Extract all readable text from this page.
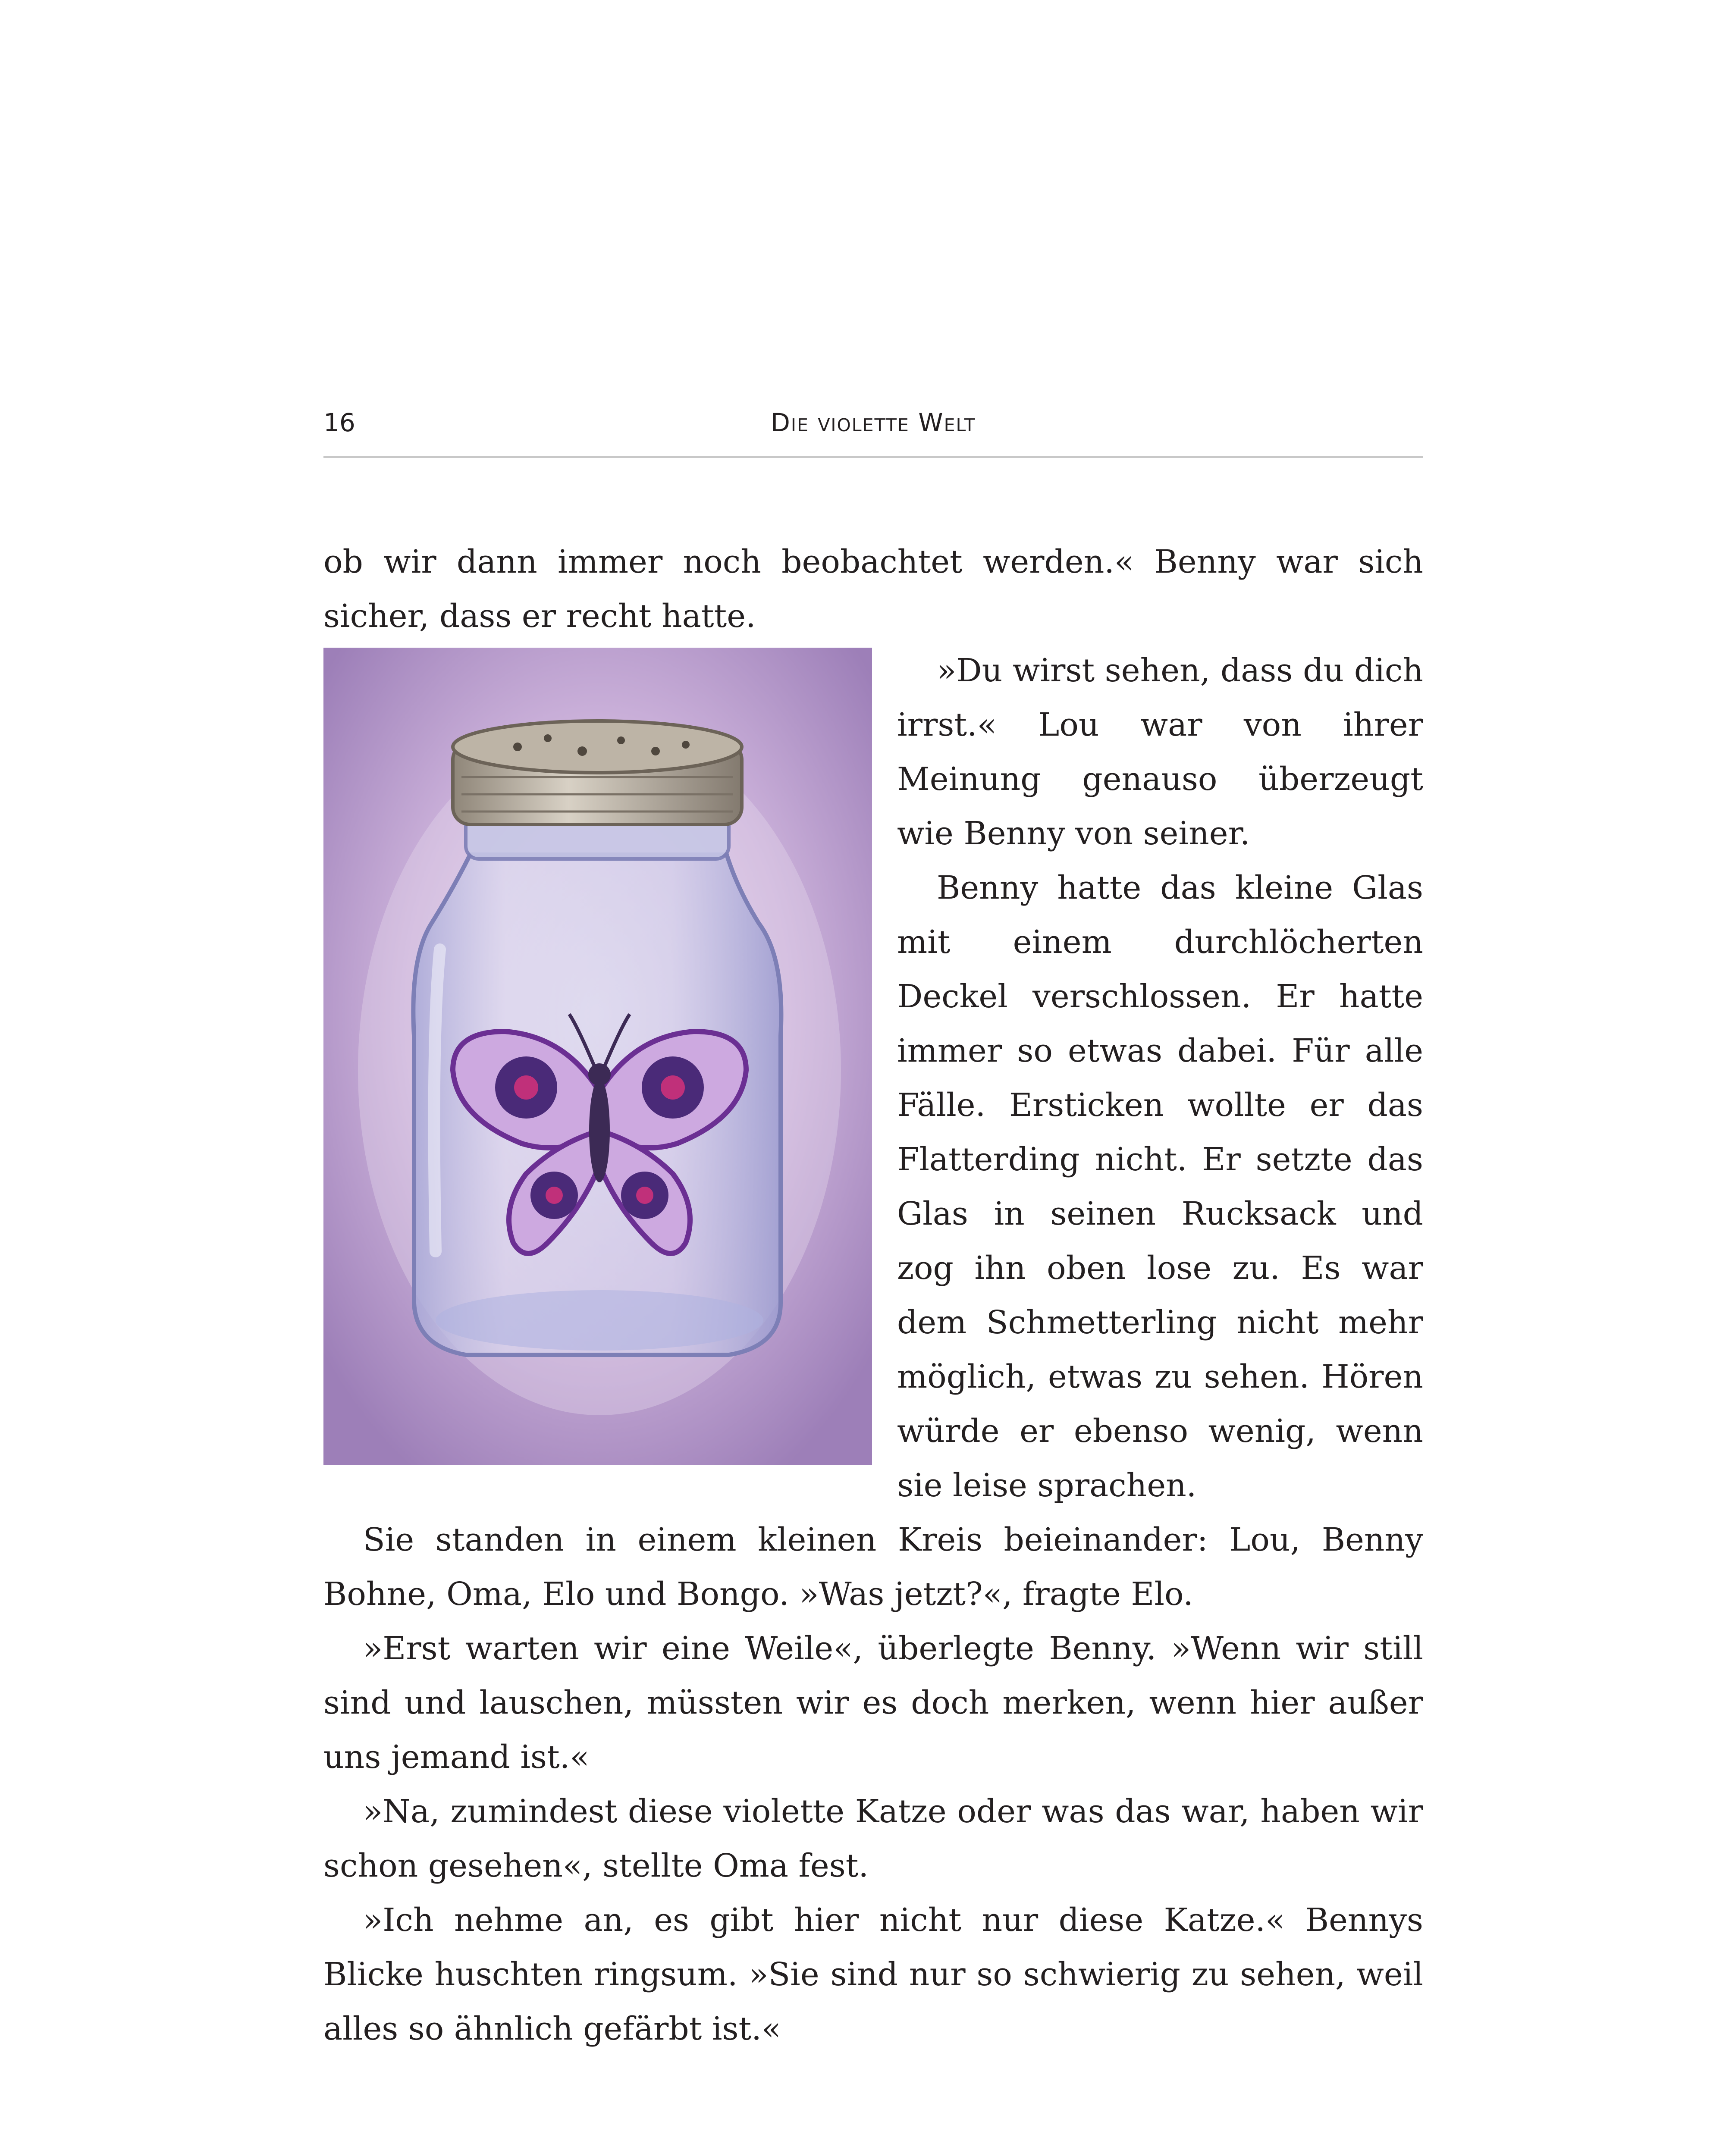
16	Die violette Welt

ob wir dann immer noch beobachtet werden.« Benny war sich sicher, dass er recht hatte.

»Du wirst sehen, dass du dich irrst.« Lou war von ihrer Meinung genauso überzeugt wie Benny von seiner.

Benny hatte das kleine Glas mit einem durchlöcherten Deckel verschlossen. Er hatte immer so etwas dabei. Für alle Fälle. Ersticken wollte er das Flatterding nicht. Er setzte das Glas in seinen Rucksack und zog ihn oben lose zu. Es war dem Schmetterling nicht mehr möglich, etwas zu sehen. Hören würde er ebenso wenig, wenn sie leise sprachen.

Sie standen in einem kleinen Kreis beieinander: Lou, Benny Bohne, Oma, Elo und Bongo. »Was jetzt?«, fragte Elo.

»Erst warten wir eine Weile«, überlegte Benny. »Wenn wir still sind und lauschen, müssten wir es doch merken, wenn hier außer uns jemand ist.«

»Na, zumindest diese violette Katze oder was das war, haben wir schon gesehen«, stellte Oma fest.

»Ich nehme an, es gibt hier nicht nur diese Katze.« Bennys Blicke huschten ringsum. »Sie sind nur so schwierig zu sehen, weil alles so ähnlich gefärbt ist.«
